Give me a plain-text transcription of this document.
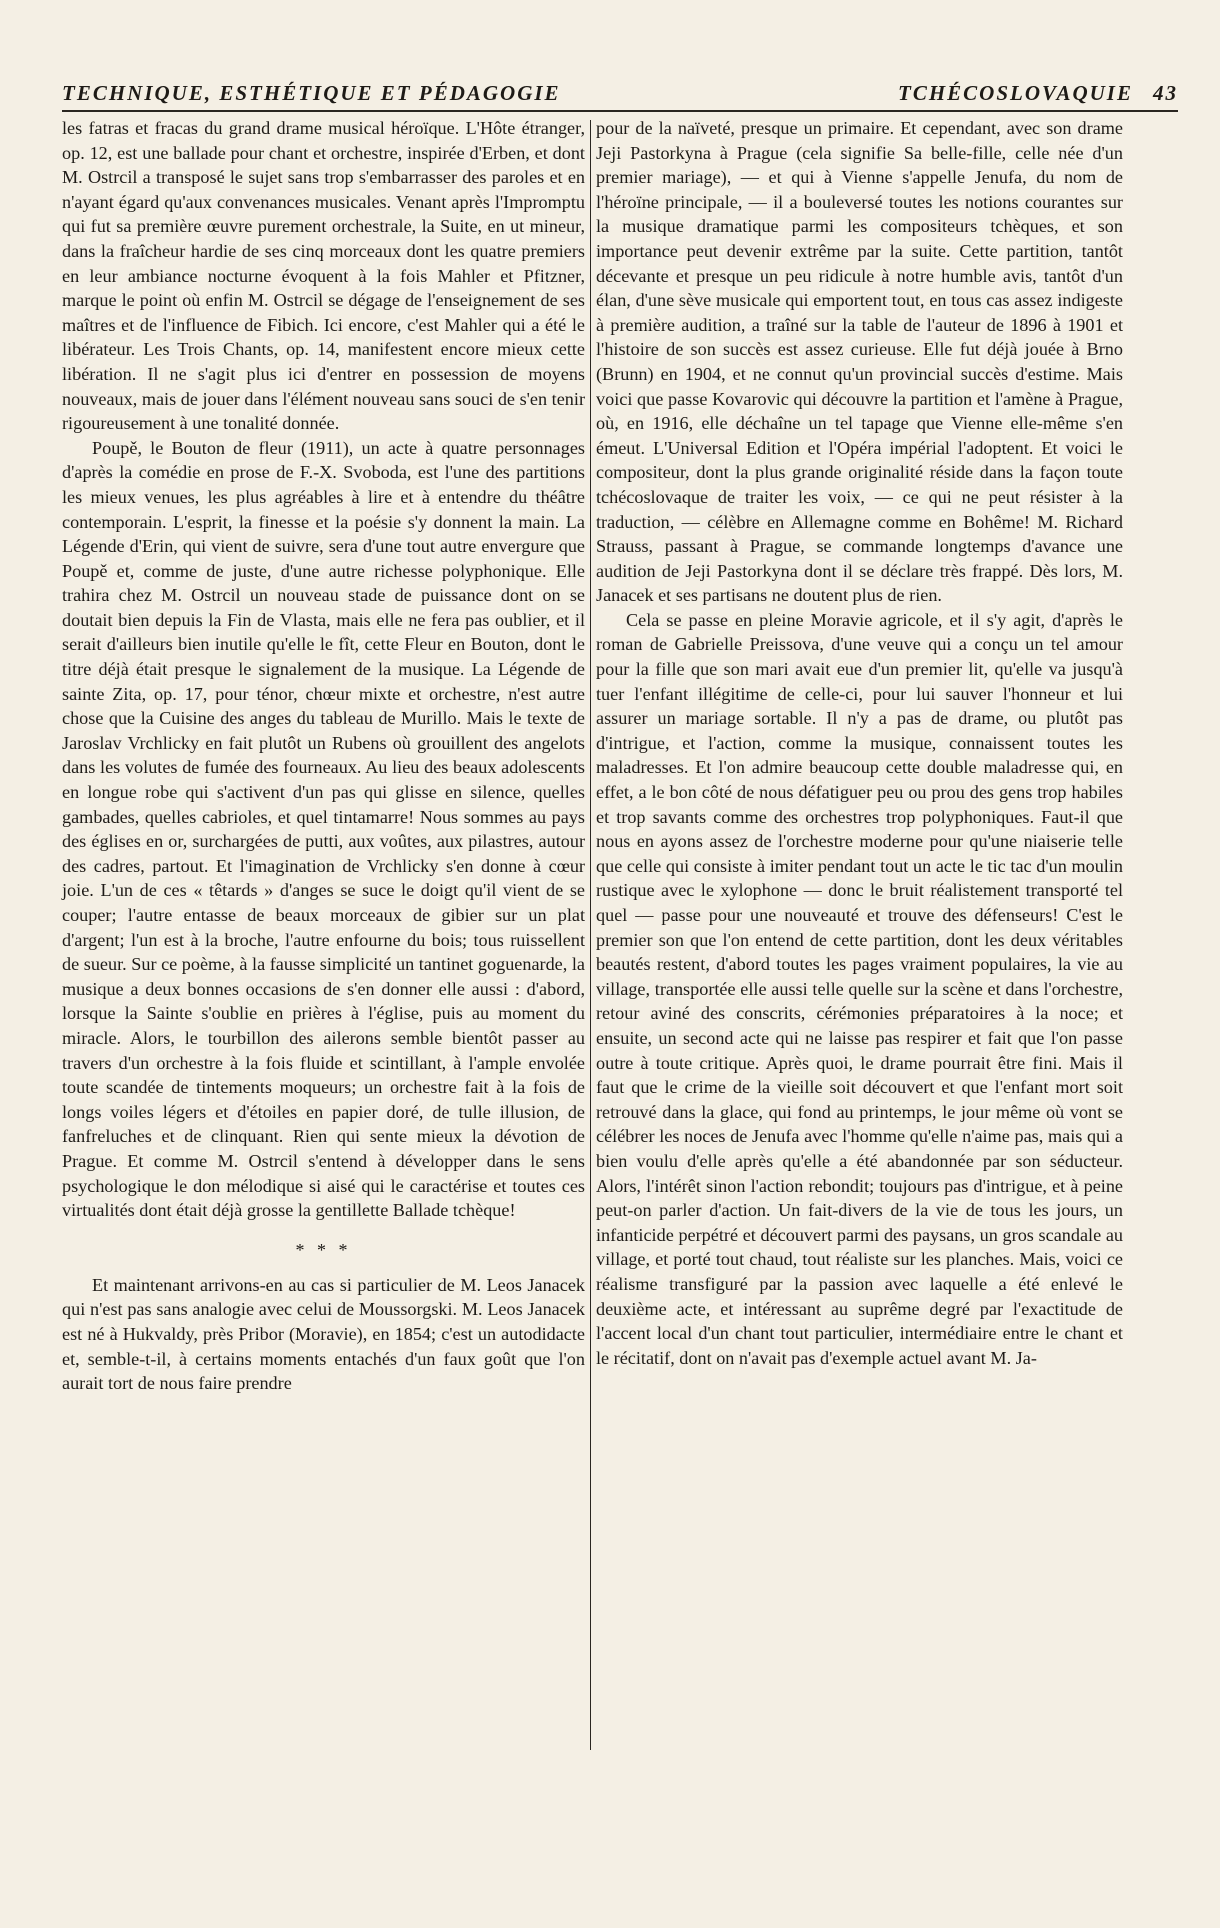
TECHNIQUE, ESTHÉTIQUE ET PÉDAGOGIE	TCHÉCOSLOVAQUIE 43

les fatras et fracas du grand drame musical héroïque. L'Hôte étranger, op. 12, est une ballade pour chant et orchestre, inspirée d'Erben, et dont M. Ostrcil a transposé le sujet sans trop s'embarrasser des paroles et en n'ayant égard qu'aux convenances musicales. Venant après l'Impromptu qui fut sa première œuvre purement orchestrale, la Suite, en ut mineur, dans la fraîcheur hardie de ses cinq morceaux dont les quatre premiers en leur ambiance nocturne évoquent à la fois Mahler et Pfitzner, marque le point où enfin M. Ostrcil se dégage de l'enseignement de ses maîtres et de l'influence de Fibich. Ici encore, c'est Mahler qui a été le libérateur. Les Trois Chants, op. 14, manifestent encore mieux cette libération. Il ne s'agit plus ici d'entrer en possession de moyens nouveaux, mais de jouer dans l'élément nouveau sans souci de s'en tenir rigoureusement à une tonalité donnée.

Poupě, le Bouton de fleur (1911), un acte à quatre personnages d'après la comédie en prose de F.-X. Svoboda, est l'une des partitions les mieux venues, les plus agréables à lire et à entendre du théâtre contemporain. L'esprit, la finesse et la poésie s'y donnent la main. La Légende d'Erin, qui vient de suivre, sera d'une tout autre envergure que Poupě et, comme de juste, d'une autre richesse polyphonique. Elle trahira chez M. Ostrcil un nouveau stade de puissance dont on se doutait bien depuis la Fin de Vlasta, mais elle ne fera pas oublier, et il serait d'ailleurs bien inutile qu'elle le fît, cette Fleur en Bouton, dont le titre déjà était presque le signalement de la musique. La Légende de sainte Zita, op. 17, pour ténor, chœur mixte et orchestre, n'est autre chose que la Cuisine des anges du tableau de Murillo. Mais le texte de Jaroslav Vrchlicky en fait plutôt un Rubens où grouillent des angelots dans les volutes de fumée des fourneaux. Au lieu des beaux adolescents en longue robe qui s'activent d'un pas qui glisse en silence, quelles gambades, quelles cabrioles, et quel tintamarre! Nous sommes au pays des églises en or, surchargées de putti, aux voûtes, aux pilastres, autour des cadres, partout. Et l'imagination de Vrchlicky s'en donne à cœur joie. L'un de ces « têtards » d'anges se suce le doigt qu'il vient de se couper; l'autre entasse de beaux morceaux de gibier sur un plat d'argent; l'un est à la broche, l'autre enfourne du bois; tous ruissellent de sueur. Sur ce poème, à la fausse simplicité un tantinet goguenarde, la musique a deux bonnes occasions de s'en donner elle aussi : d'abord, lorsque la Sainte s'oublie en prières à l'église, puis au moment du miracle. Alors, le tourbillon des ailerons semble bientôt passer au travers d'un orchestre à la fois fluide et scintillant, à l'ample envolée toute scandée de tintements moqueurs; un orchestre fait à la fois de longs voiles légers et d'étoiles en papier doré, de tulle illusion, de fanfreluches et de clinquant. Rien qui sente mieux la dévotion de Prague. Et comme M. Ostrcil s'entend à développer dans le sens psychologique le don mélodique si aisé qui le caractérise et toutes ces virtualités dont était déjà grosse la gentillette Ballade tchèque!

* * *

Et maintenant arrivons-en au cas si particulier de M. Leos Janacek qui n'est pas sans analogie avec celui de Moussorgski. M. Leos Janacek est né à Hukvaldy, près Pribor (Moravie), en 1854; c'est un autodidacte et, semble-t-il, à certains moments entachés d'un faux goût que l'on aurait tort de nous faire prendre

pour de la naïveté, presque un primaire. Et cependant, avec son drame Jeji Pastorkyna à Prague (cela signifie Sa belle-fille, celle née d'un premier mariage), — et qui à Vienne s'appelle Jenufa, du nom de l'héroïne principale, — il a bouleversé toutes les notions courantes sur la musique dramatique parmi les compositeurs tchèques, et son importance peut devenir extrême par la suite. Cette partition, tantôt décevante et presque un peu ridicule à notre humble avis, tantôt d'un élan, d'une sève musicale qui emportent tout, en tous cas assez indigeste à première audition, a traîné sur la table de l'auteur de 1896 à 1901 et l'histoire de son succès est assez curieuse. Elle fut déjà jouée à Brno (Brunn) en 1904, et ne connut qu'un provincial succès d'estime. Mais voici que passe Kovarovic qui découvre la partition et l'amène à Prague, où, en 1916, elle déchaîne un tel tapage que Vienne elle-même s'en émeut. L'Universal Edition et l'Opéra impérial l'adoptent. Et voici le compositeur, dont la plus grande originalité réside dans la façon toute tchécoslovaque de traiter les voix, — ce qui ne peut résister à la traduction, — célèbre en Allemagne comme en Bohême! M. Richard Strauss, passant à Prague, se commande longtemps d'avance une audition de Jeji Pastorkyna dont il se déclare très frappé. Dès lors, M. Janacek et ses partisans ne doutent plus de rien.

Cela se passe en pleine Moravie agricole, et il s'y agit, d'après le roman de Gabrielle Preissova, d'une veuve qui a conçu un tel amour pour la fille que son mari avait eue d'un premier lit, qu'elle va jusqu'à tuer l'enfant illégitime de celle-ci, pour lui sauver l'honneur et lui assurer un mariage sortable. Il n'y a pas de drame, ou plutôt pas d'intrigue, et l'action, comme la musique, connaissent toutes les maladresses. Et l'on admire beaucoup cette double maladresse qui, en effet, a le bon côté de nous défatiguer peu ou prou des gens trop habiles et trop savants comme des orchestres trop polyphoniques. Faut-il que nous en ayons assez de l'orchestre moderne pour qu'une niaiserie telle que celle qui consiste à imiter pendant tout un acte le tic tac d'un moulin rustique avec le xylophone — donc le bruit réalistement transporté tel quel — passe pour une nouveauté et trouve des défenseurs! C'est le premier son que l'on entend de cette partition, dont les deux véritables beautés restent, d'abord toutes les pages vraiment populaires, la vie au village, transportée elle aussi telle quelle sur la scène et dans l'orchestre, retour aviné des conscrits, cérémonies préparatoires à la noce; et ensuite, un second acte qui ne laisse pas respirer et fait que l'on passe outre à toute critique. Après quoi, le drame pourrait être fini. Mais il faut que le crime de la vieille soit découvert et que l'enfant mort soit retrouvé dans la glace, qui fond au printemps, le jour même où vont se célébrer les noces de Jenufa avec l'homme qu'elle n'aime pas, mais qui a bien voulu d'elle après qu'elle a été abandonnée par son séducteur. Alors, l'intérêt sinon l'action rebondit; toujours pas d'intrigue, et à peine peut-on parler d'action. Un fait-divers de la vie de tous les jours, un infanticide perpétré et découvert parmi des paysans, un gros scandale au village, et porté tout chaud, tout réaliste sur les planches. Mais, voici ce réalisme transfiguré par la passion avec laquelle a été enlevé le deuxième acte, et intéressant au suprême degré par l'exactitude de l'accent local d'un chant tout particulier, intermédiaire entre le chant et le récitatif, dont on n'avait pas d'exemple actuel avant M. Ja-
